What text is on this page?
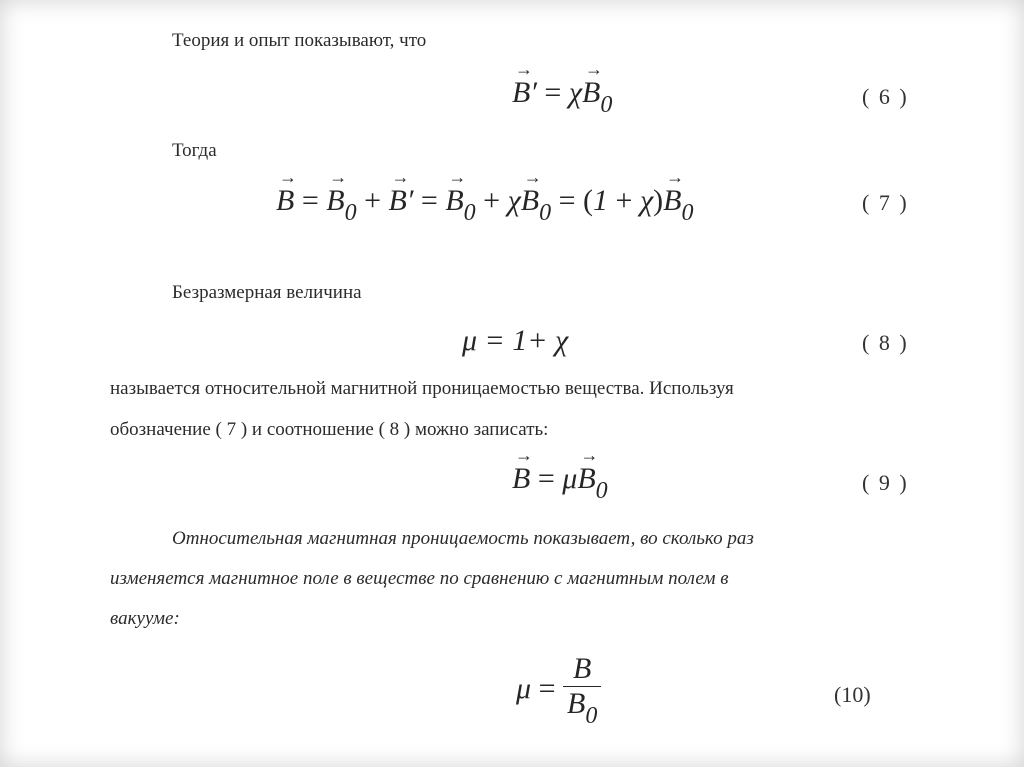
Теория и опыт показывают, что
→ $B' = \chi\to B_0$	( 6 )
Тогда
→ B = → $B_0$ + → B′ = → $B_0 + \chi\to B_0 = (1 + \chi)\to B_0$	( 7 )
Безразмерная величина
μ = 1+ χ	( 8 )
называется относительной магнитной проницаемостью вещества. Используя
обозначение ( 7 ) и соотношение ( 8 ) можно записать:
→ $B = \mu\to B_0$	( 9 )
Относительная магнитная проницаемость показывает, во сколько раз
изменяется магнитное поле в веществе по сравнению с магнитным полем в
вакууме:
$\mu = \frac{B}{B_0}$	(10)
